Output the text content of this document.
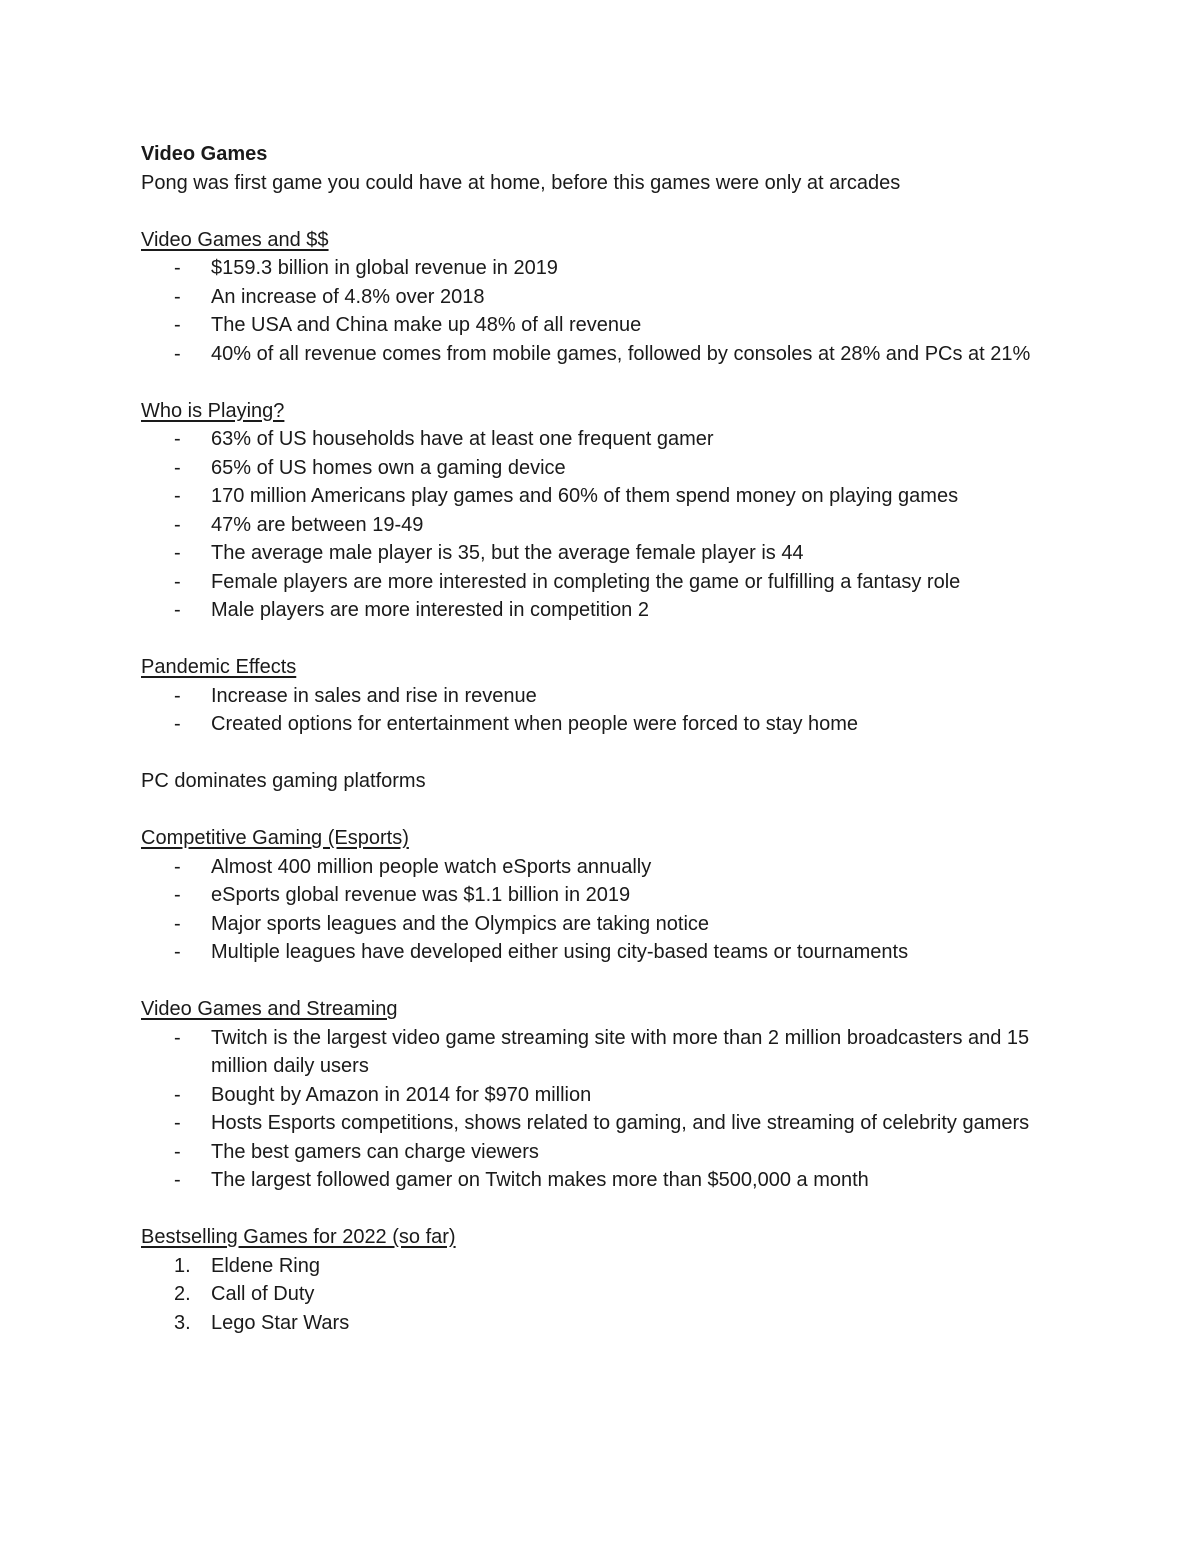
Video Games

Pong was first game you could have at home, before this games were only at arcades

Video Games and $$

- $159.3 billion in global revenue in 2019
- An increase of 4.8% over 2018
- The USA and China make up 48% of all revenue
- 40% of all revenue comes from mobile games, followed by consoles at 28% and PCs at 21%

Who is Playing?

- 63% of US households have at least one frequent gamer
- 65% of US homes own a gaming device
- 170 million Americans play games and 60% of them spend money on playing games
- 47% are between 19-49
- The average male player is 35, but the average female player is 44
- Female players are more interested in completing the game or fulfilling a fantasy role
- Male players are more interested in competition 2

Pandemic Effects

- Increase in sales and rise in revenue
- Created options for entertainment when people were forced to stay home

PC dominates gaming platforms

Competitive Gaming (Esports)

- Almost 400 million people watch eSports annually
- eSports global revenue was $1.1 billion in 2019
- Major sports leagues and the Olympics are taking notice
- Multiple leagues have developed either using city-based teams or tournaments

Video Games and Streaming

- Twitch is the largest video game streaming site with more than 2 million broadcasters and 15 million daily users
- Bought by Amazon in 2014 for $970 million
- Hosts Esports competitions, shows related to gaming, and live streaming of celebrity gamers
- The best gamers can charge viewers
- The largest followed gamer on Twitch makes more than $500,000 a month

Bestselling Games for 2022 (so far)

1. Eldene Ring
2. Call of Duty
3. Lego Star Wars
